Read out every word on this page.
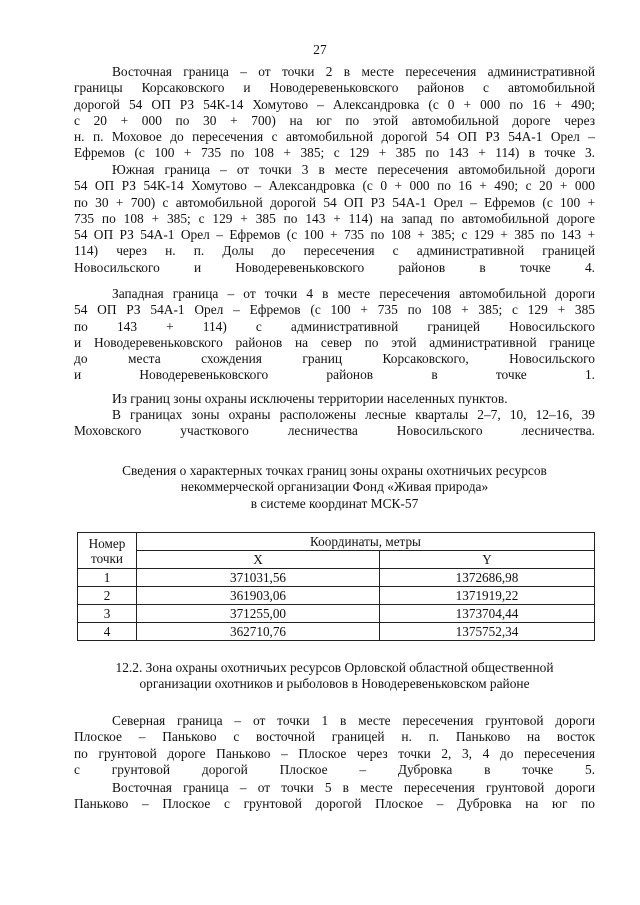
27
Восточная граница – от точки 2 в месте пересечения административной
границы Корсаковского и Новодеревеньковского районов с автомобильной
дорогой 54 ОП РЗ 54К-14 Хомутово – Александровка (с 0 + 000 по 16 + 490;
с 20 + 000 по 30 + 700) на юг по этой автомобильной дороге через
н. п. Моховое до пересечения с автомобильной дорогой 54 ОП РЗ 54А-1 Орел –
Ефремов (с 100 + 735 по 108 + 385; с 129 + 385 по 143 + 114) в точке 3.
Южная граница – от точки 3 в месте пересечения автомобильной дороги
54 ОП РЗ 54К-14 Хомутово – Александровка (с 0 + 000 по 16 + 490; с 20 + 000
по 30 + 700) с автомобильной дорогой 54 ОП РЗ 54А-1 Орел – Ефремов (с 100 +
735 по 108 + 385; с 129 + 385 по 143 + 114) на запад по автомобильной дороге
54 ОП РЗ 54А-1 Орел – Ефремов (с 100 + 735 по 108 + 385; с 129 + 385 по 143 +
114) через н. п. Долы до пересечения с административной границей
Новосильского и Новодеревеньковского районов в точке 4.
Западная граница – от точки 4 в месте пересечения автомобильной дороги
54 ОП РЗ 54А-1 Орел – Ефремов (с 100 + 735 по 108 + 385; с 129 + 385
по 143 + 114) с административной границей Новосильского
и Новодеревеньковского районов на север по этой административной границе
до места схождения границ Корсаковского, Новосильского
и Новодеревеньковского районов в точке 1.
Из границ зоны охраны исключены территории населенных пунктов.
В границах зоны охраны расположены лесные кварталы 2–7, 10, 12–16, 39
Моховского участкового лесничества Новосильского лесничества.
Сведения о характерных точках границ зоны охраны охотничьих ресурсов
некоммерческой организации Фонд «Живая природа»
в системе координат МСК-57
Номер
точки	Координаты, метры	
	X	Y
1	371031,56	1372686,98
2	361903,06	1371919,22
3	371255,00	1373704,44
4	362710,76	1375752,34
12.2. Зона охраны охотничьих ресурсов Орловской областной общественной
организации охотников и рыболовов в Новодеревеньковском районе
Северная граница – от точки 1 в месте пересечения грунтовой дороги
Плоское – Паньково с восточной границей н. п. Паньково на восток
по грунтовой дороге Паньково – Плоское через точки 2, 3, 4 до пересечения
с грунтовой дорогой Плоское – Дубровка в точке 5.
Восточная граница – от точки 5 в месте пересечения грунтовой дороги
Паньково – Плоское с грунтовой дорогой Плоское – Дубровка на юг по
